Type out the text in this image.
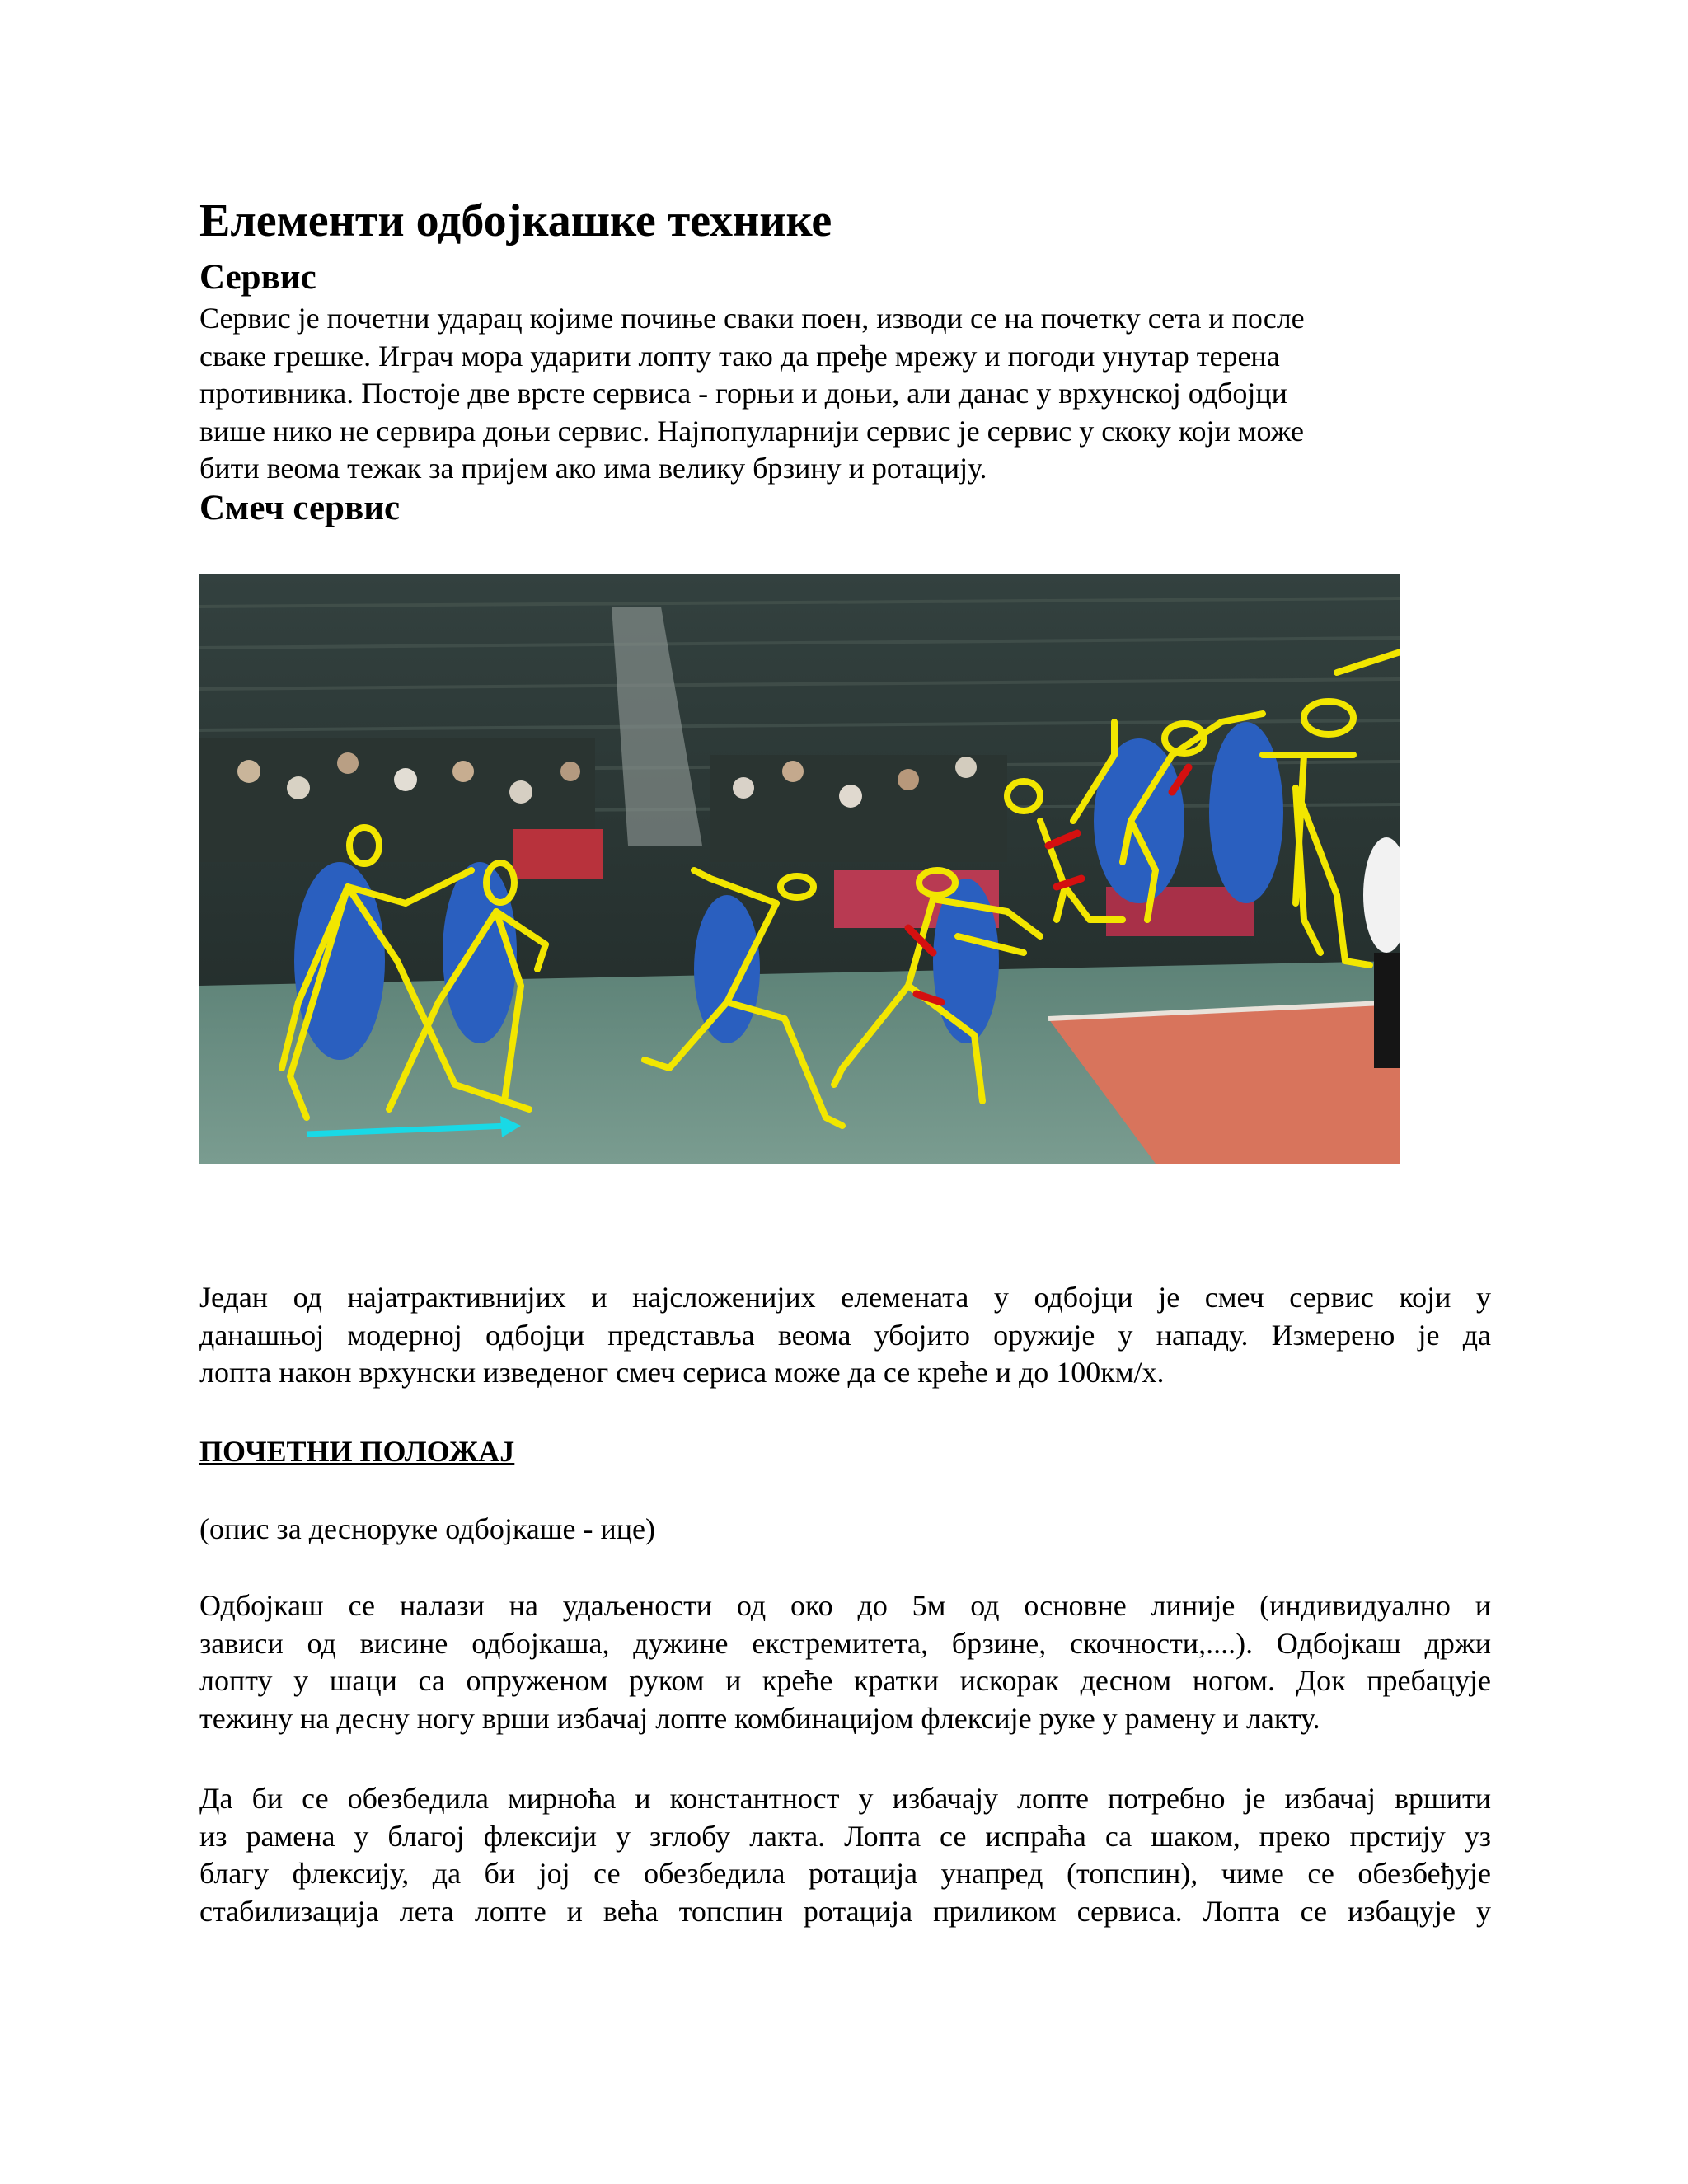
Елементи одбојкашке технике
Сервис
Сервис је почетни ударац којиме почиње сваки поен, изводи се на почетку сета и после
сваке грешке. Играч мора ударити лопту тако да пређе мрежу и погоди унутар терена
противника. Постоје две врсте сервиса - горњи и доњи, али данас у врхунској одбојци
више нико не сервира доњи сервис. Најпопуларнији сервис је сервис у скоку који може
бити веома тежак за пријем ако има велику брзину и ротацију.
Смеч сервис
Један од најатрактивнијих и најсложенијих елемената у одбојци је смеч сервис који у
данашњој модерној одбојци представља веома убојито оружије у нападу. Измерено је да
лопта након врхунски изведеног смеч сериса може да се креће и до 100км/х.
ПОЧЕТНИ ПОЛОЖАЈ
(опис за десноруке одбојкаше - ице)
Одбојкаш се налази на удаљености од око до 5м од основне линије (индивидуално и
зависи од висине одбојкаша, дужине екстремитета, брзине, скочности,....). Одбојкаш држи
лопту у шаци са опруженом руком и креће кратки искорак десном ногом. Док пребацује
тежину на десну ногу врши избачај лопте комбинацијом флексије руке у рамену и лакту.
Да би се обезбедила мирноћа и константност у избачају лопте потребно је избачај вршити
из рамена у благој флексији у зглобу лакта. Лопта се испраћа са шаком, преко прстију уз
благу флексију, да би јој се обезбедила ротација унапред (топспин), чиме се обезбеђује
стабилизација лета лопте и већа топспин ротација приликом сервиса. Лопта се избацује у
